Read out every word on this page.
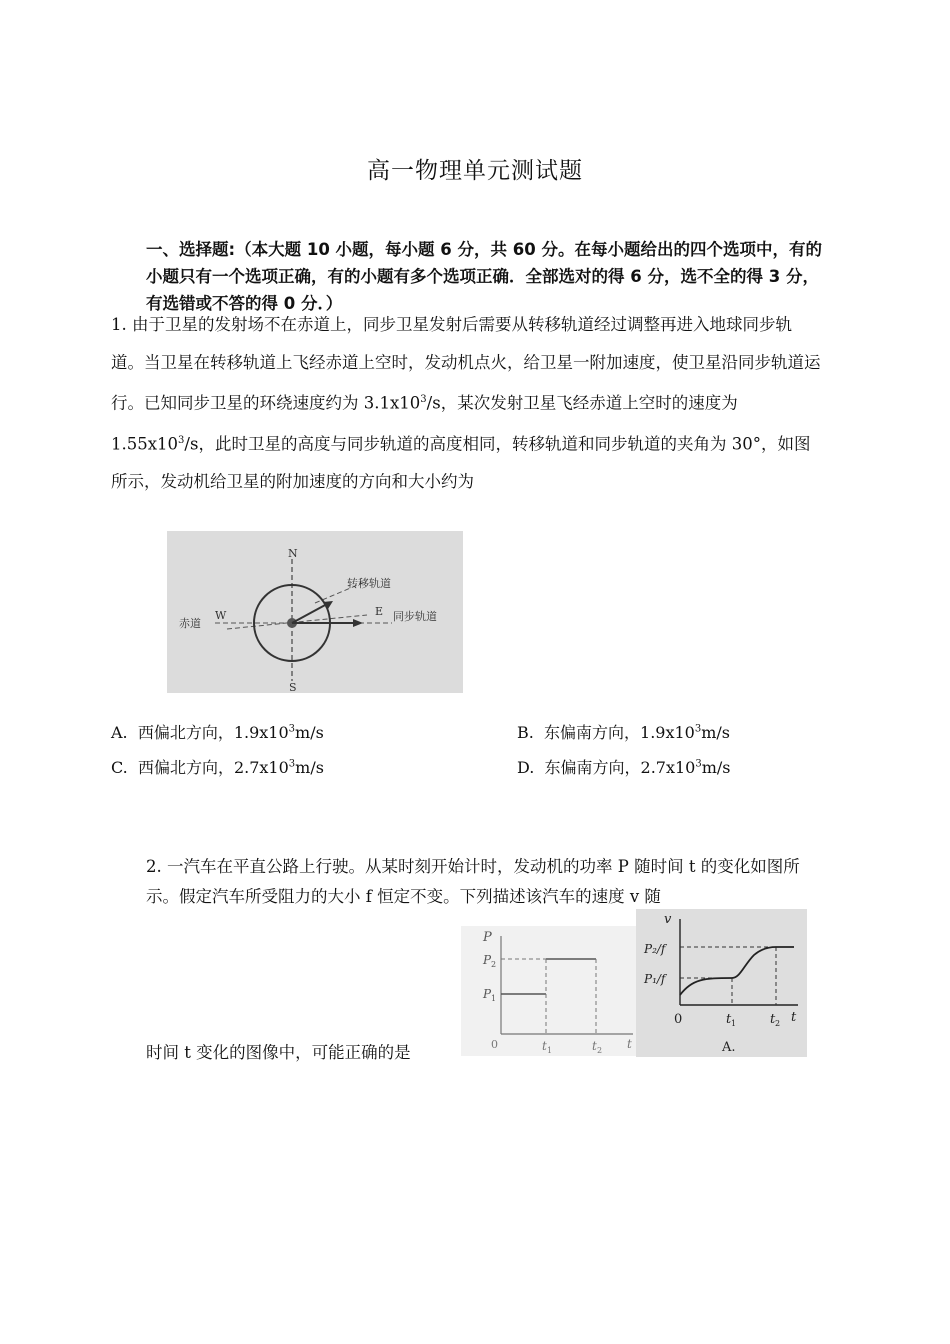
高一物理单元测试题
一、选择题:（本大题 10 小题，每小题 6 分，共 60 分。在每小题给出的四个选项中，有的小题只有一个选项正确，有的小题有多个选项正确．全部选对的得 6 分，选不全的得 3 分，有选错或不答的得 0 分．）
1. 由于卫星的发射场不在赤道上，同步卫星发射后需要从转移轨道经过调整再进入地球同步轨道。当卫星在转移轨道上飞经赤道上空时，发动机点火，给卫星一附加速度，使卫星沿同步轨道运行。已知同步卫星的环绕速度约为 $3.1x10^3/s$，某次发射卫星飞经赤道上空时的速度为 $1.55x10^3/s$，此时卫星的高度与同步轨道的高度相同，转移轨道和同步轨道的夹角为 30°，如图所示，发动机给卫星的附加速度的方向和大小约为
N
S
W	E
赤道
转移轨道
同步轨道
A. 西偏北方向，$1.9x10^3m/s$	B. 东偏南方向，$1.9x10^3m/s$
C. 西偏北方向，$2.7x10^3m/s$	D. 东偏南方向，$2.7x10^3m/s$
2. 一汽车在平直公路上行驶。从某时刻开始计时，发动机的功率 P 随时间 t 的变化如图所示。假定汽车所受阻力的大小 f 恒定不变。下列描述该汽车的速度 v 随
P
P 2
P 1
0	t 1	t 2 t
v
P₂/f
P₁/f
0	t 1	t 2 t
A.
时间 t 变化的图像中，可能正确的是
